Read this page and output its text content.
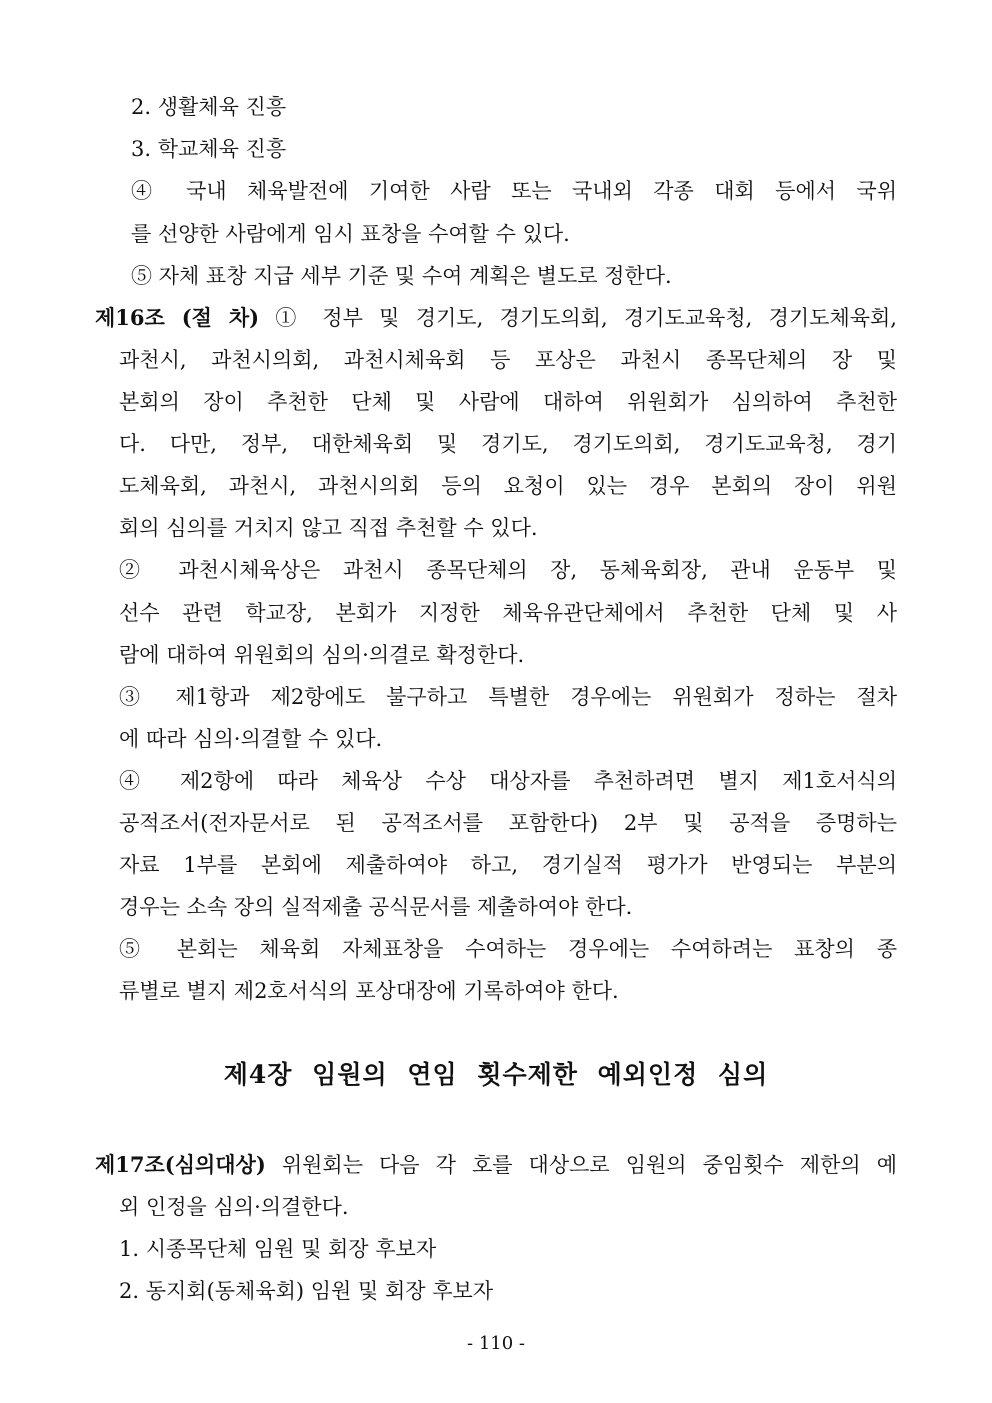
2. 생활체육 진흥
3. 학교체육 진흥
④ 국내 체육발전에 기여한 사람 또는 국내외 각종 대회 등에서 국위
를 선양한 사람에게 임시 표창을 수여할 수 있다.
⑤ 자체 표창 지급 세부 기준 및 수여 계획은 별도로 정한다.
제16조 (절 차) ① 정부 및 경기도, 경기도의회, 경기도교육청, 경기도체육회,
과천시, 과천시의회, 과천시체육회 등 포상은 과천시 종목단체의 장 및
본회의 장이 추천한 단체 및 사람에 대하여 위원회가 심의하여 추천한
다. 다만, 정부, 대한체육회 및 경기도, 경기도의회, 경기도교육청, 경기
도체육회, 과천시, 과천시의회 등의 요청이 있는 경우 본회의 장이 위원
회의 심의를 거치지 않고 직접 추천할 수 있다.
② 과천시체육상은 과천시 종목단체의 장, 동체육회장, 관내 운동부 및
선수 관련 학교장, 본회가 지정한 체육유관단체에서 추천한 단체 및 사
람에 대하여 위원회의 심의·의결로 확정한다.
③ 제1항과 제2항에도 불구하고 특별한 경우에는 위원회가 정하는 절차
에 따라 심의·의결할 수 있다.
④ 제2항에 따라 체육상 수상 대상자를 추천하려면 별지 제1호서식의
공적조서(전자문서로 된 공적조서를 포함한다) 2부 및 공적을 증명하는
자료 1부를 본회에 제출하여야 하고, 경기실적 평가가 반영되는 부분의
경우는 소속 장의 실적제출 공식문서를 제출하여야 한다.
⑤ 본회는 체육회 자체표창을 수여하는 경우에는 수여하려는 표창의 종
류별로 별지 제2호서식의 포상대장에 기록하여야 한다.
제4장 임원의 연임 횟수제한 예외인정 심의
제17조(심의대상) 위원회는 다음 각 호를 대상으로 임원의 중임횟수 제한의 예
외 인정을 심의·의결한다.
1. 시종목단체 임원 및 회장 후보자
2. 동지회(동체육회) 임원 및 회장 후보자
- 110 -
